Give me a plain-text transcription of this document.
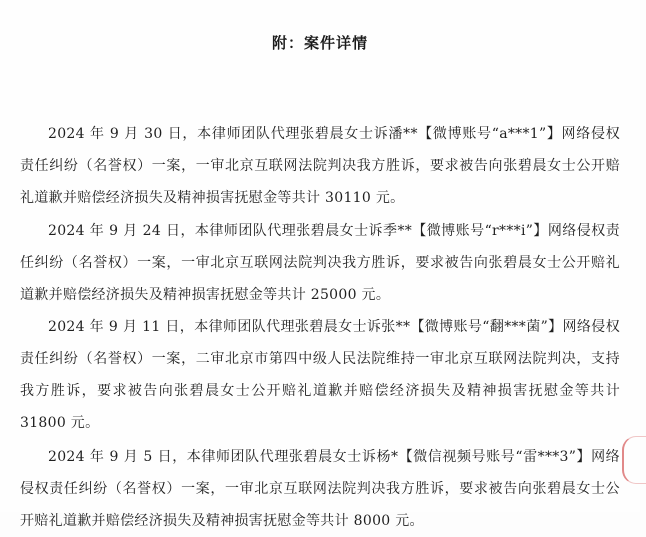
附：案件详情

2024 年 9 月 30 日，本律师团队代理张碧晨女士诉潘**【微博账号“a***1”】网络侵权责任纠纷（名誉权）一案，一审北京互联网法院判决我方胜诉，要求被告向张碧晨女士公开赔礼道歉并赔偿经济损失及精神损害抚慰金等共计 30110 元。

2024 年 9 月 24 日，本律师团队代理张碧晨女士诉季**【微博账号“r***i”】网络侵权责任纠纷（名誉权）一案，一审北京互联网法院判决我方胜诉，要求被告向张碧晨女士公开赔礼道歉并赔偿经济损失及精神损害抚慰金等共计 25000 元。

2024 年 9 月 11 日，本律师团队代理张碧晨女士诉张**【微博账号“翻***菌”】网络侵权责任纠纷（名誉权）一案，二审北京市第四中级人民法院维持一审北京互联网法院判决，支持我方胜诉，要求被告向张碧晨女士公开赔礼道歉并赔偿经济损失及精神损害抚慰金等共计 31800 元。

2024 年 9 月 5 日，本律师团队代理张碧晨女士诉杨*【微信视频号账号“雷***3”】网络侵权责任纠纷（名誉权）一案，一审北京互联网法院判决我方胜诉，要求被告向张碧晨女士公开赔礼道歉并赔偿经济损失及精神损害抚慰金等共计 8000 元。
